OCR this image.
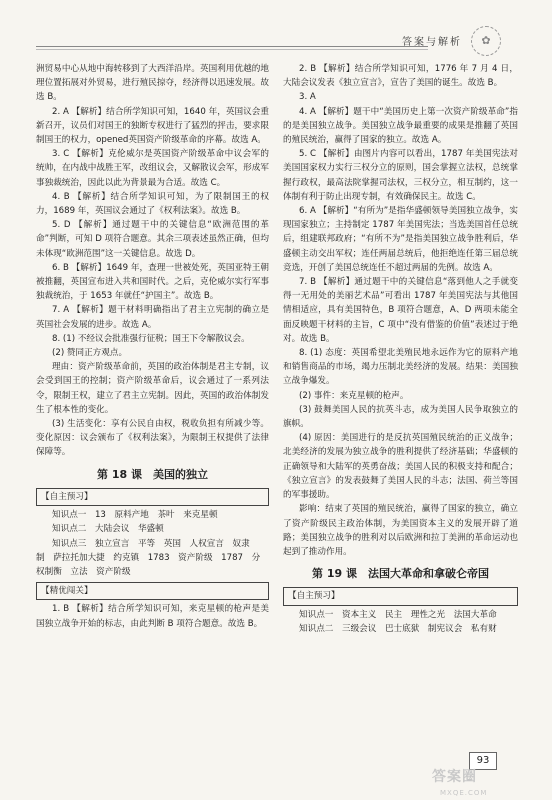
答案与解析	✿

洲贸易中心从地中海转移到了大西洋沿岸。英国利用优越的地理位置拓展对外贸易，进行殖民掠夺，经济得以迅速发展。故选 B。

2. A 【解析】结合所学知识可知，1640 年，英国议会重新召开，议员们对国王的独断专权进行了猛烈的抨击，要求限制国王的权力，opened英国资产阶级革命的序幕。故选 A。

3. C 【解析】克伦威尔是英国资产阶级革命中议会军的统帅，在内战中战胜王军，改组议会，又解散议会军，形成军事独裁统治，因此以此为背景最为合适。故选 C。

4. B 【解析】结合所学知识可知，为了限制国王的权力，1689 年，英国议会通过了《权利法案》。故选 B。

5. D 【解析】通过题干中的关键信息“欧洲范围的革命”判断，可知 D 项符合题意。其余三项表述虽然正确，但均未体现“欧洲范围”这一关键信息。故选 D。

6. B 【解析】1649 年，查理一世被处死，英国亚特王朝被推翻，英国宣布进入共和国时代。之后，克伦威尔实行军事独裁统治，于 1653 年就任“护国主”。故选 B。

7. A 【解析】题干材料明确指出了君主立宪制的确立是英国社会发展的进步。故选 A。

8. (1) 不经议会批准强行征税；国王下令解散议会。

(2) 赞同正方观点。

理由：资产阶级革命前，英国的政治体制是君主专制，议会受到国王的控制；资产阶级革命后，议会通过了一系列法令，限制王权，建立了君主立宪制。因此，英国的政治体制发生了根本性的变化。

(3) 生活变化：享有公民自由权，税收负担有所减少等。变化原因：议会颁布了《权利法案》，为限制王权提供了法律保障等。

第 18 课　美国的独立
【自主预习】

知识点一　13　原料产地　茶叶　来克星顿

知识点二　大陆会议　华盛顿

知识点三　独立宣言　平等　英国　人权宣言　奴隶

制　萨拉托加大捷　约克镇　1783　资产阶级　1787　分

权制衡　立法　资产阶级

【精优闯关】

1. B 【解析】结合所学知识可知，来克星顿的枪声是美国独立战争开始的标志，由此判断 B 项符合题意。故选 B。

2. B 【解析】结合所学知识可知，1776 年 7 月 4 日，大陆会议发表《独立宣言》，宣告了美国的诞生。故选 B。

3. A

4. A 【解析】题干中“美国历史上第一次资产阶级革命”指的是美国独立战争。美国独立战争最重要的成果是推翻了英国的殖民统治，赢得了国家的独立。故选 A。

5. C 【解析】由图片内容可以看出，1787 年美国宪法对美国国家权力实行三权分立的原则，国会掌握立法权，总统掌握行政权，最高法院掌握司法权，三权分立，相互制约，这一体制有利于防止出现专制，有效确保民主。故选 C。

6. A 【解析】“有所为”是指华盛顿领导美国独立战争，实现国家独立；主持制定 1787 年美国宪法；当选美国首任总统后，组建联邦政府；“有所不为”是指美国独立战争胜利后，华盛顿主动交出军权；连任两届总统后，他拒绝连任第三届总统竞选，开创了美国总统连任不超过两届的先例。故选 A。

7. B 【解析】通过题干中的关键信息“落到他人之手就变得一无用处的美丽艺术品”可看出 1787 年美国宪法与其他国情相适应，具有美国特色，B 项符合题意，A、D 两项未能全面反映题干材料的主旨，C 项中“没有借鉴的价值”表述过于绝对。故选 B。

8. (1) 态度：英国希望北美殖民地永远作为它的原料产地和销售商品的市场，竭力压制北美经济的发展。结果：美国独立战争爆发。

(2) 事件：来克星顿的枪声。

(3) 鼓舞美国人民的抗英斗志，成为美国人民争取独立的旗帜。

(4) 原因：美国进行的是反抗英国殖民统治的正义战争；北美经济的发展为独立战争的胜利提供了经济基础；华盛顿的正确领导和大陆军的英勇奋战；美国人民的积极支持和配合；《独立宣言》的发表鼓舞了美国人民的斗志；法国、荷兰等国的军事援助。

影响：结束了英国的殖民统治，赢得了国家的独立，确立了资产阶级民主政治体制，为美国资本主义的发展开辟了道路；美国独立战争的胜利对以后欧洲和拉丁美洲的革命运动也起到了推动作用。

第 19 课　法国大革命和拿破仑帝国
【自主预习】

知识点一　资本主义　民主　理性之光　法国大革命

知识点二　三级会议　巴士底狱　制宪议会　私有财

93
答案圈
MXQE.COM
